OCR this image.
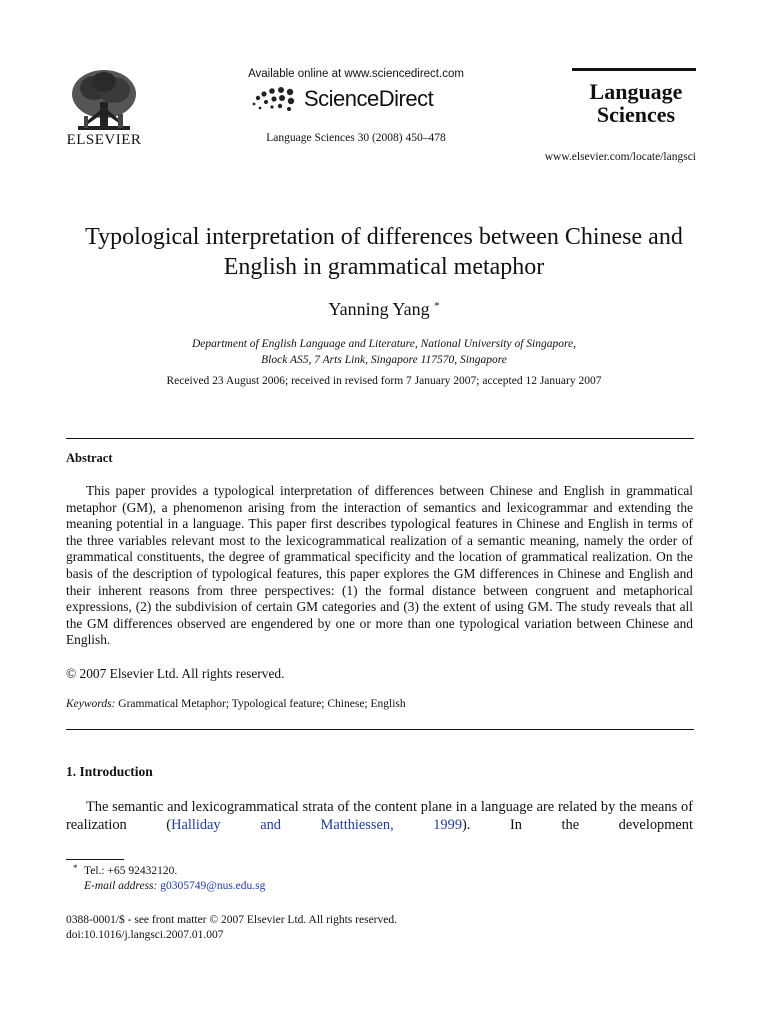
ELSEVIER
Available online at www.sciencedirect.com
ScienceDirect
Language Sciences 30 (2008) 450–478
Language
Sciences
www.elsevier.com/locate/langsci
Typological interpretation of differences between Chinese and English in grammatical metaphor
Yanning Yang *
Department of English Language and Literature, National University of Singapore,
Block AS5, 7 Arts Link, Singapore 117570, Singapore
Received 23 August 2006; received in revised form 7 January 2007; accepted 12 January 2007
Abstract
This paper provides a typological interpretation of differences between Chinese and English in grammatical metaphor (GM), a phenomenon arising from the interaction of semantics and lexicogrammar and extending the meaning potential in a language. This paper first describes typological features in Chinese and English in terms of the three variables relevant most to the lexicogrammatical realization of a semantic meaning, namely the order of grammatical constituents, the degree of grammatical specificity and the location of grammatical realization. On the basis of the description of typological features, this paper explores the GM differences in Chinese and English and their inherent reasons from three perspectives: (1) the formal distance between congruent and metaphorical expressions, (2) the subdivision of certain GM categories and (3) the extent of using GM. The study reveals that all the GM differences observed are engendered by one or more than one typological variation between Chinese and English.
© 2007 Elsevier Ltd. All rights reserved.
Keywords: Grammatical Metaphor; Typological feature; Chinese; English
1. Introduction
The semantic and lexicogrammatical strata of the content plane in a language are related by the means of realization (Halliday and Matthiessen, 1999). In the development
* Tel.: +65 92432120.
E-mail address: g0305749@nus.edu.sg
0388-0001/$ - see front matter © 2007 Elsevier Ltd. All rights reserved.
doi:10.1016/j.langsci.2007.01.007
